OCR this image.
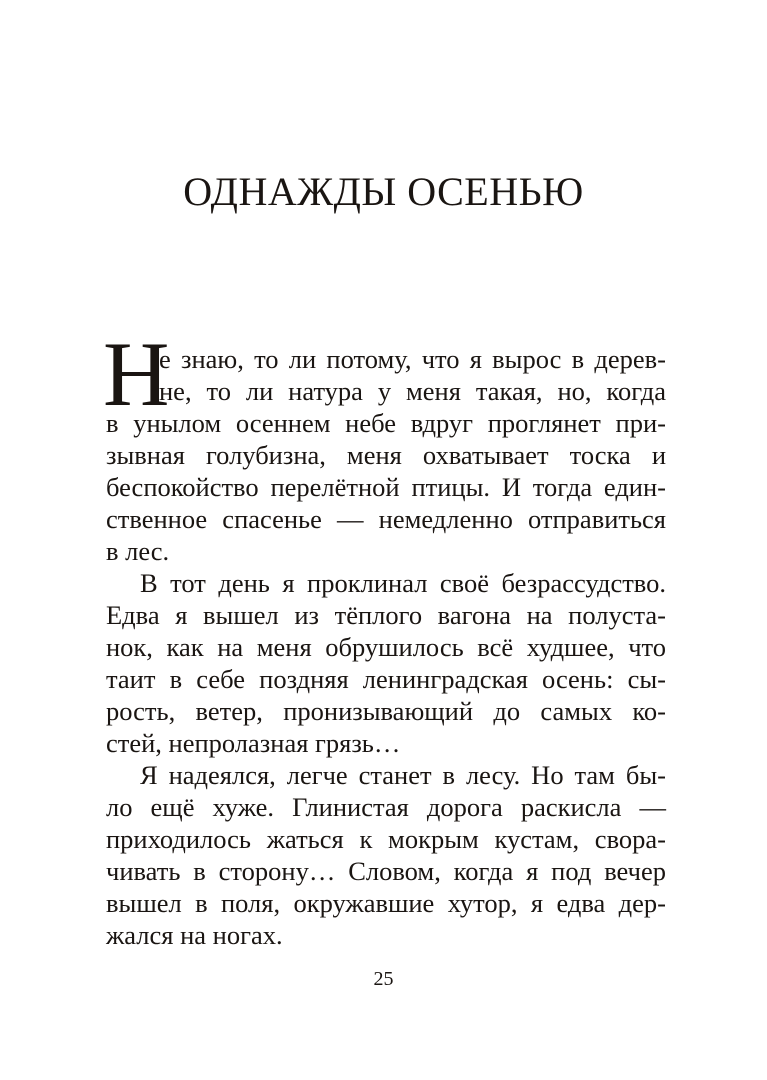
ОДНАЖДЫ ОСЕНЬЮ
Н

е знаю, то ли потому, что я вырос в дерев-

не, то ли натура у меня такая, но, когда

в унылом осеннем небе вдруг проглянет при-

зывная голубизна, меня охватывает тоска и

беспокойство перелётной птицы. И тогда един-

ственное спасенье — немедленно отправиться

в лес.

В тот день я проклинал своё безрассудство.

Едва я вышел из тёплого вагона на полуста-

нок, как на меня обрушилось всё худшее, что

таит в себе поздняя ленинградская осень: сы-

рость, ветер, пронизывающий до самых ко-

стей, непролазная грязь…

Я надеялся, легче станет в лесу. Но там бы-

ло ещё хуже. Глинистая дорога раскисла —

приходилось жаться к мокрым кустам, свора-

чивать в сторону… Словом, когда я под вечер

вышел в поля, окружавшие хутор, я едва дер-

жался на ногах.

25
